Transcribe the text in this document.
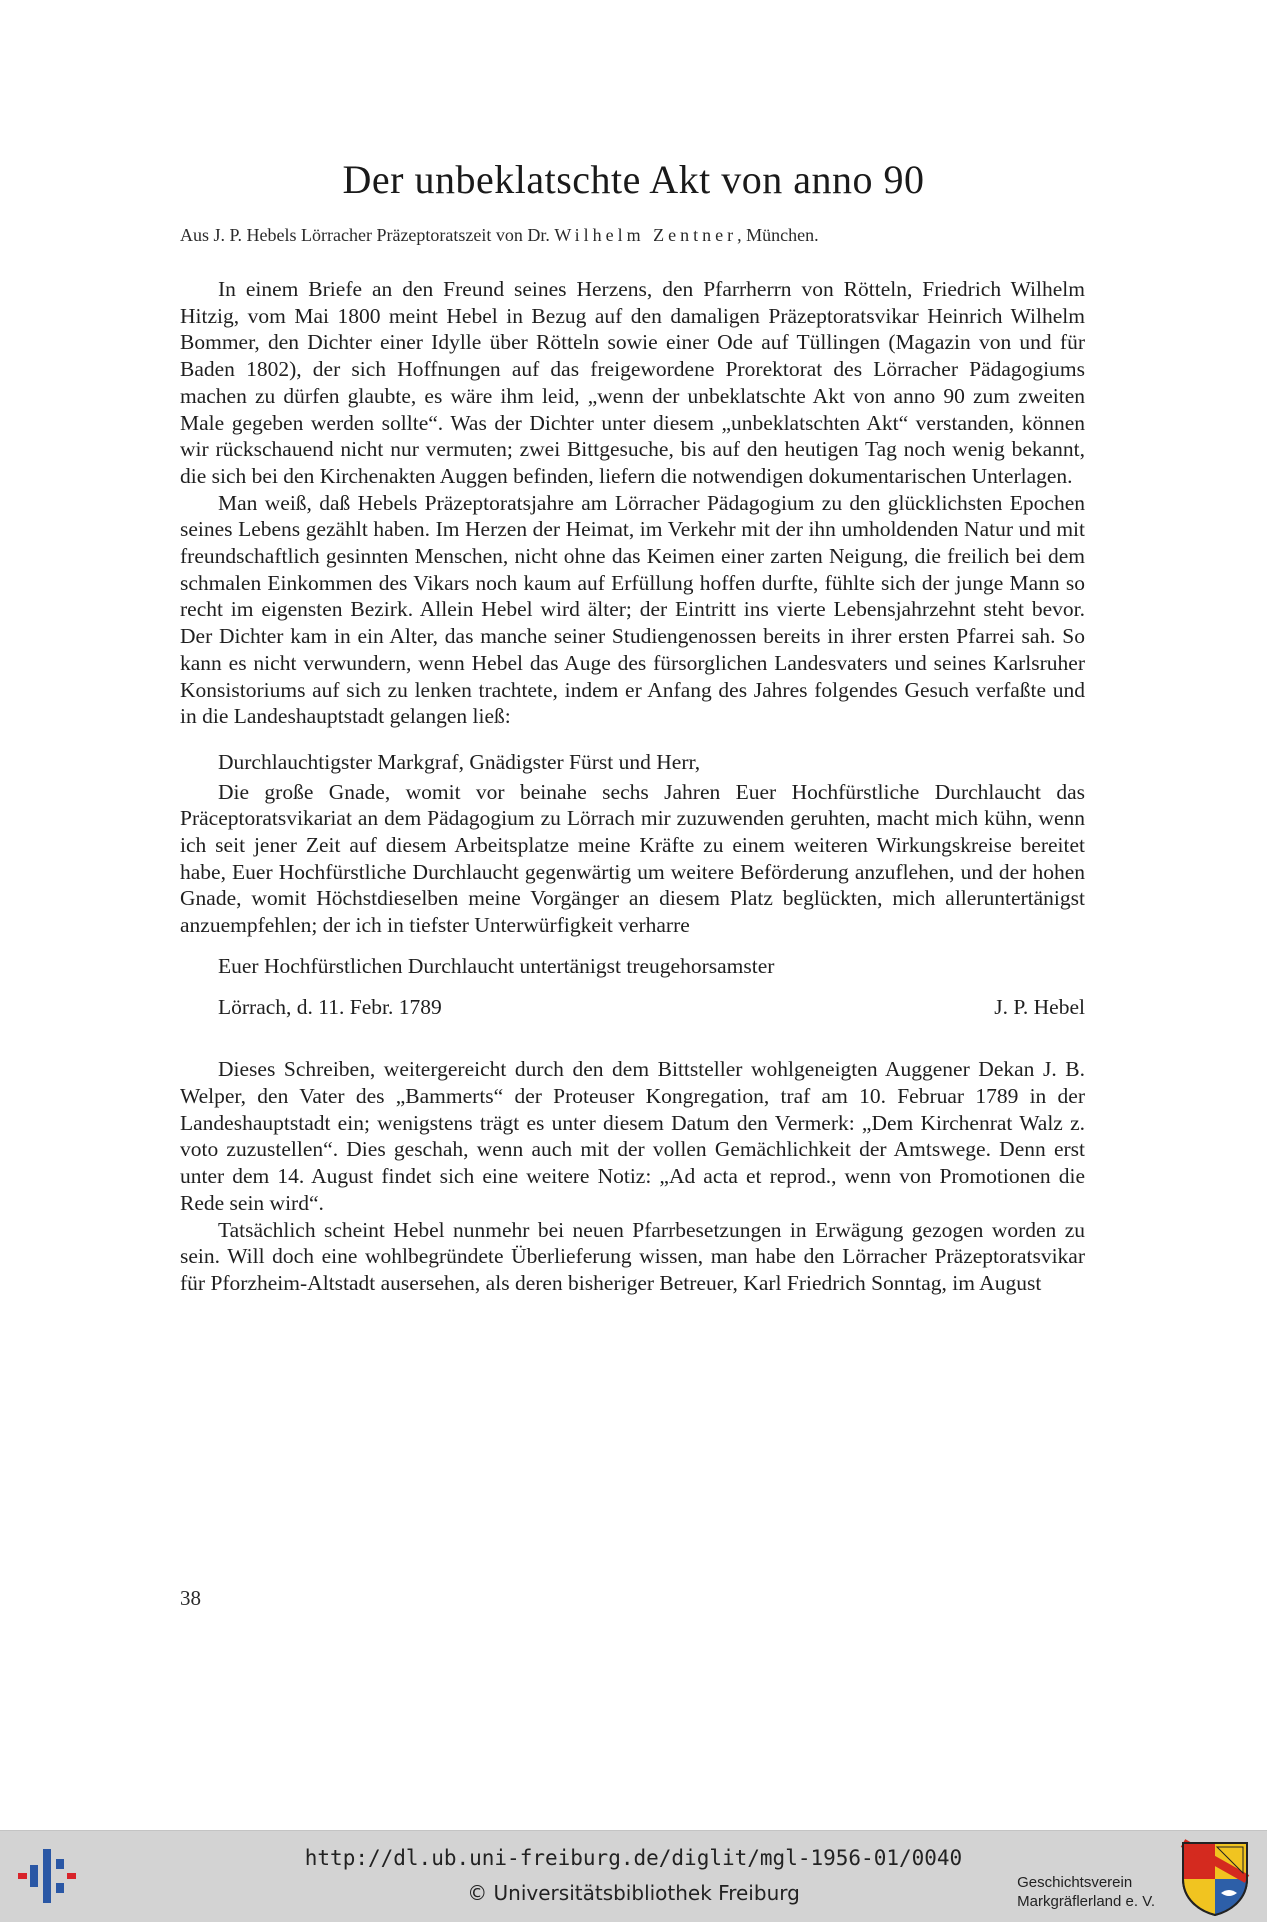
Der unbeklatschte Akt von anno 90
Aus J. P. Hebels Lörracher Präzeptoratszeit von Dr. Wilhelm Zentner, München.

In einem Briefe an den Freund seines Herzens, den Pfarrherrn von Rötteln, Friedrich Wilhelm Hitzig, vom Mai 1800 meint Hebel in Bezug auf den damaligen Präzeptoratsvikar Heinrich Wilhelm Bommer, den Dichter einer Idylle über Rötteln sowie einer Ode auf Tüllingen (Magazin von und für Baden 1802), der sich Hoffnungen auf das freigewordene Prorektorat des Lörracher Pädagogiums machen zu dürfen glaubte, es wäre ihm leid, „wenn der unbeklatschte Akt von anno 90 zum zweiten Male gegeben werden sollte“. Was der Dichter unter diesem „unbeklatschten Akt“ verstanden, können wir rückschauend nicht nur vermuten; zwei Bittgesuche, bis auf den heutigen Tag noch wenig bekannt, die sich bei den Kirchenakten Auggen befinden, liefern die notwendigen dokumentarischen Unterlagen.

Man weiß, daß Hebels Präzeptoratsjahre am Lörracher Pädagogium zu den glücklichsten Epochen seines Lebens gezählt haben. Im Herzen der Heimat, im Verkehr mit der ihn umholdenden Natur und mit freundschaftlich gesinnten Menschen, nicht ohne das Keimen einer zarten Neigung, die freilich bei dem schmalen Einkommen des Vikars noch kaum auf Erfüllung hoffen durfte, fühlte sich der junge Mann so recht im eigensten Bezirk. Allein Hebel wird älter; der Eintritt ins vierte Lebensjahrzehnt steht bevor. Der Dichter kam in ein Alter, das manche seiner Studiengenossen bereits in ihrer ersten Pfarrei sah. So kann es nicht verwundern, wenn Hebel das Auge des fürsorglichen Landesvaters und seines Karlsruher Konsistoriums auf sich zu lenken trachtete, indem er Anfang des Jahres folgendes Gesuch verfaßte und in die Landeshauptstadt gelangen ließ:

Durchlauchtigster Markgraf, Gnädigster Fürst und Herr,

Die große Gnade, womit vor beinahe sechs Jahren Euer Hochfürstliche Durchlaucht das Präceptoratsvikariat an dem Pädagogium zu Lörrach mir zuzuwenden geruhten, macht mich kühn, wenn ich seit jener Zeit auf diesem Arbeitsplatze meine Kräfte zu einem weiteren Wirkungskreise bereitet habe, Euer Hochfürstliche Durchlaucht gegenwärtig um weitere Beförderung anzuflehen, und der hohen Gnade, womit Höchstdieselben meine Vorgänger an diesem Platz beglückten, mich alleruntertänigst anzuempfehlen; der ich in tiefster Unterwürfigkeit verharre

Euer Hochfürstlichen Durchlaucht untertänigst treugehorsamster

Lörrach, d. 11. Febr. 1789	J. P. Hebel

Dieses Schreiben, weitergereicht durch den dem Bittsteller wohlgeneigten Auggener Dekan J. B. Welper, den Vater des „Bammerts“ der Proteuser Kongregation, traf am 10. Februar 1789 in der Landeshauptstadt ein; wenigstens trägt es unter diesem Datum den Vermerk: „Dem Kirchenrat Walz z. voto zuzustellen“. Dies geschah, wenn auch mit der vollen Gemächlichkeit der Amtswege. Denn erst unter dem 14. August findet sich eine weitere Notiz: „Ad acta et reprod., wenn von Promotionen die Rede sein wird“.

Tatsächlich scheint Hebel nunmehr bei neuen Pfarrbesetzungen in Erwägung gezogen worden zu sein. Will doch eine wohlbegründete Überlieferung wissen, man habe den Lörracher Präzeptoratsvikar für Pforzheim-Altstadt ausersehen, als deren bisheriger Betreuer, Karl Friedrich Sonntag, im August

38
http://dl.ub.uni-freiburg.de/diglit/mgl-1956-01/0040
© Universitätsbibliothek Freiburg	Geschichtsverein
Markgräflerland e. V.
